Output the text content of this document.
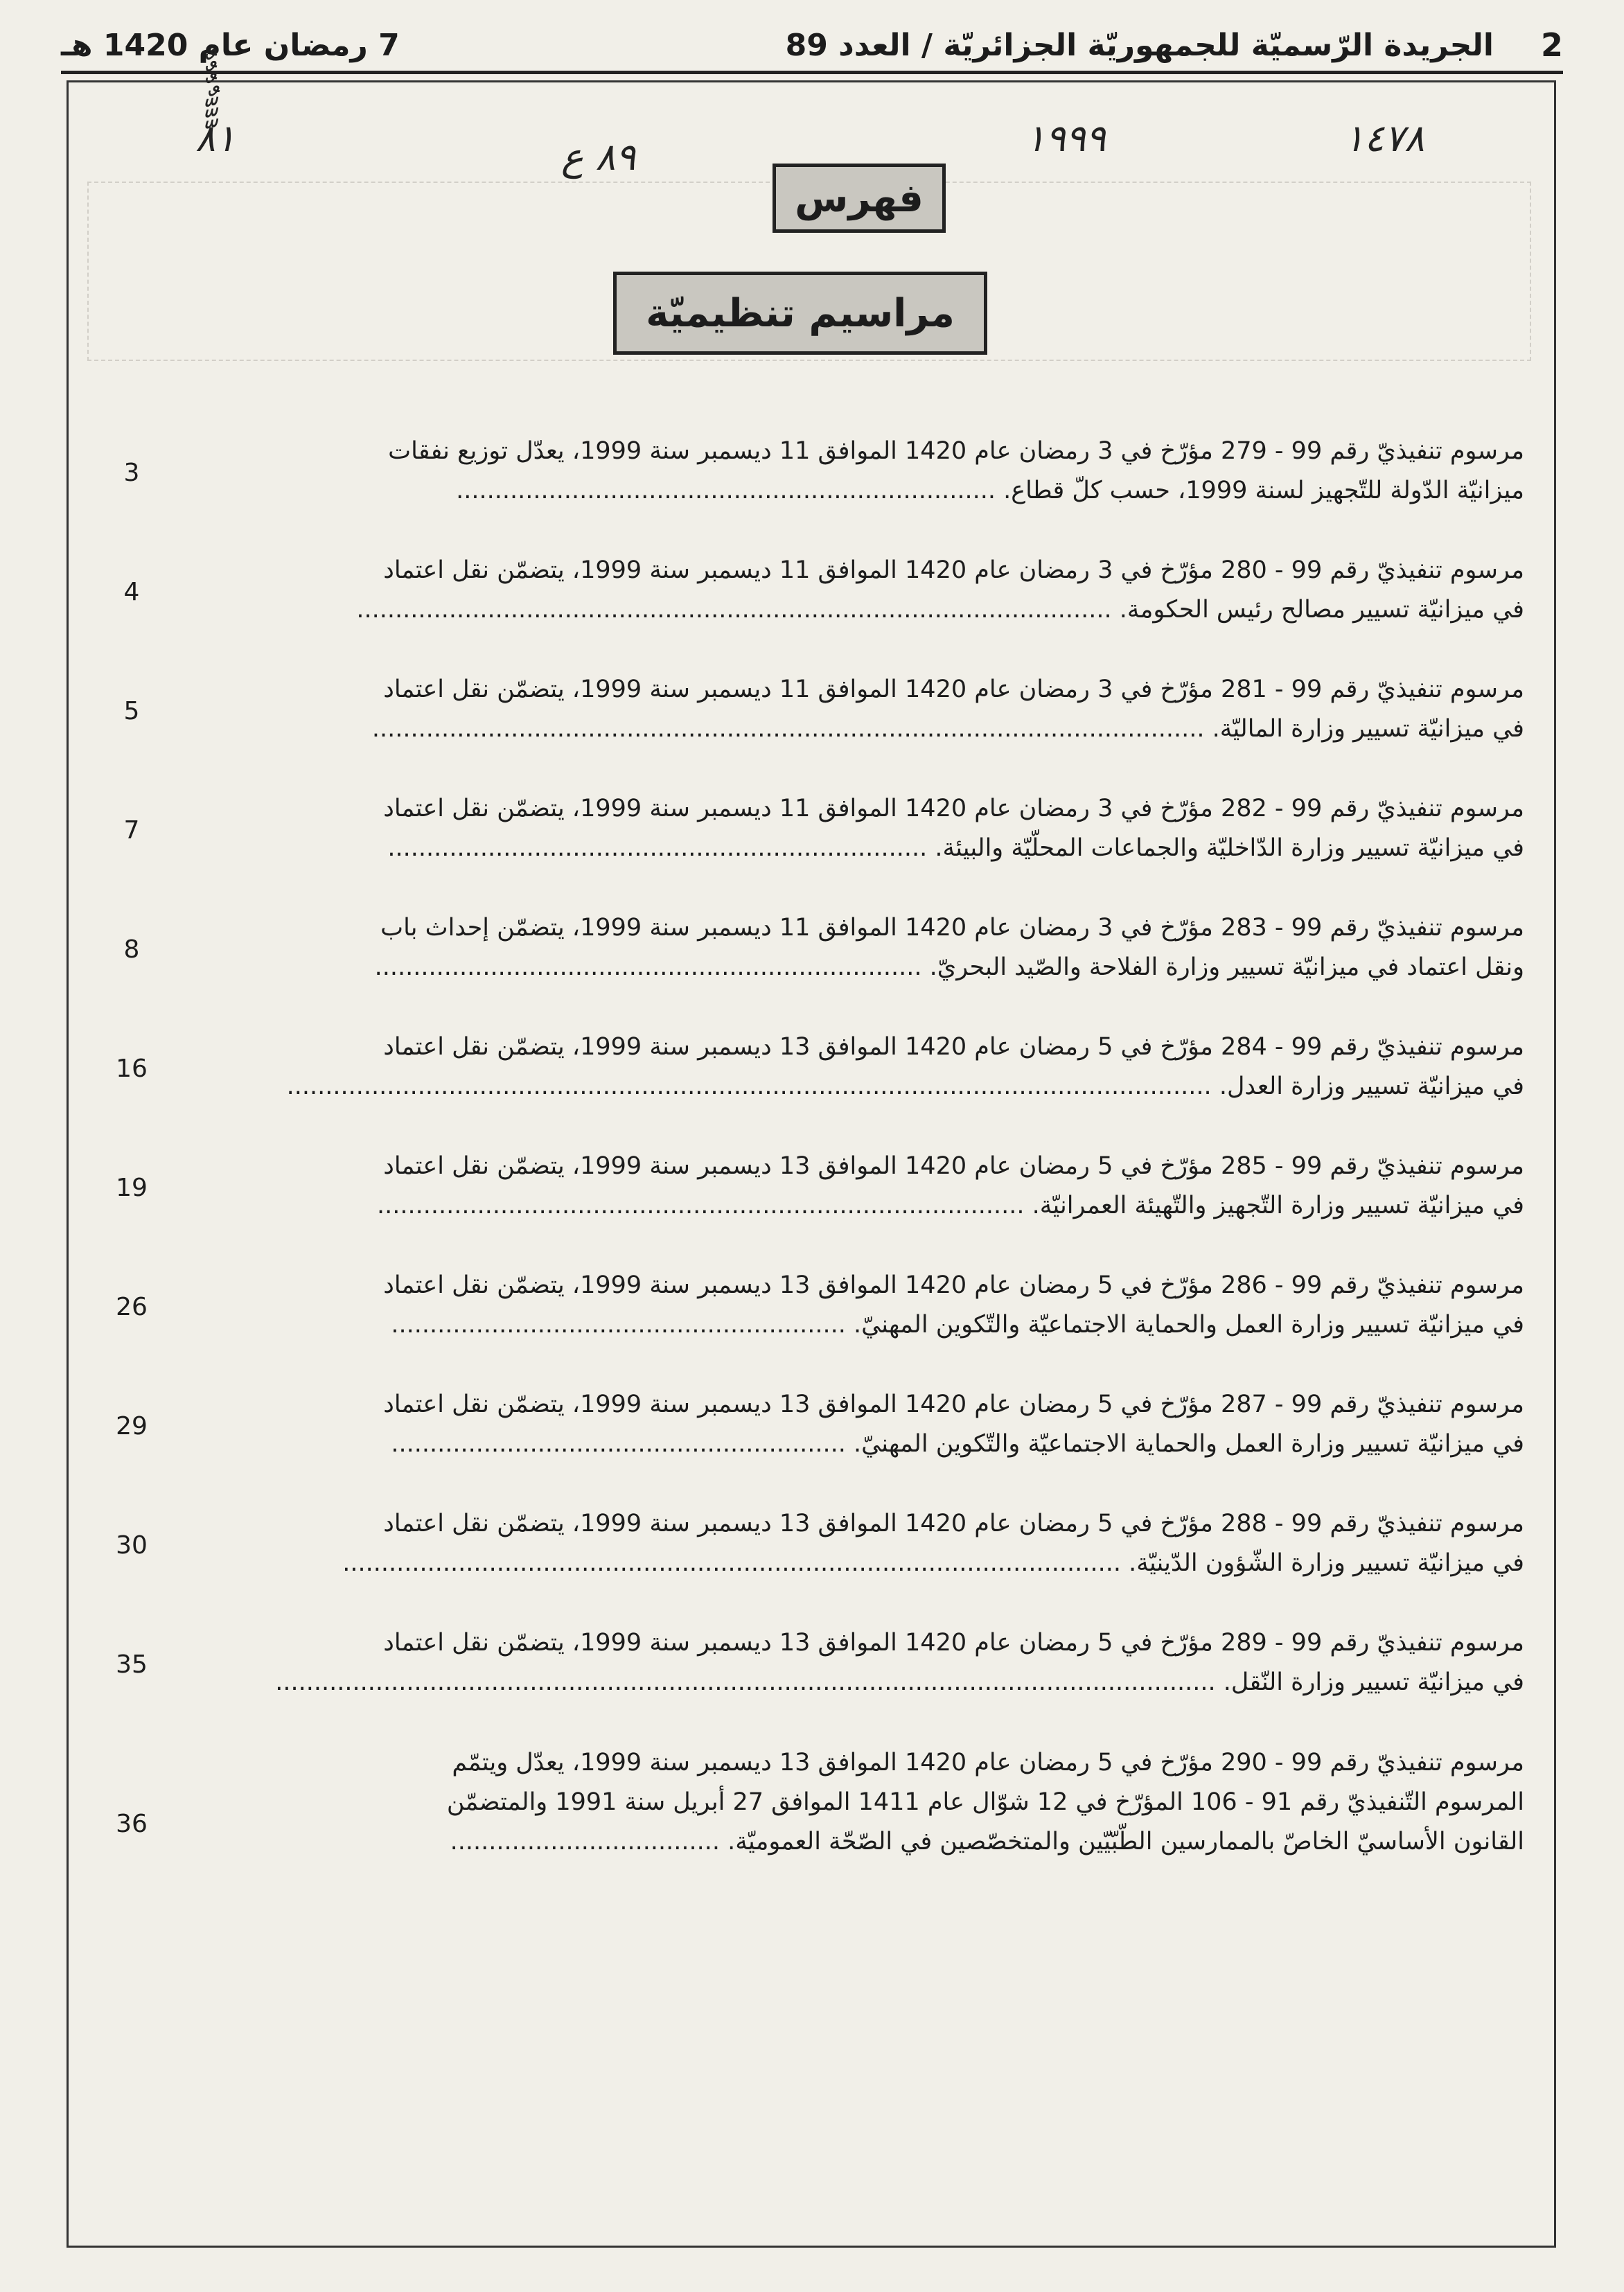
2
الجريدة الرّسميّة للجمهوريّة الجزائريّة / العدد 89
7 رمضان عام 1420 هـ
ٌٌٌٌّّّ٨١	٨٩ ع	١٩٩٩	١٤٧٨
فهرس
مراسيم تنظيميّة
مرسوم تنفيذيّ رقم 99 - 279 مؤرّخ في 3 رمضان عام 1420 الموافق 11 ديسمبر سنة 1999، يعدّل توزيع نفقات
ميزانيّة الدّولة للتّجهيز لسنة 1999، حسب كلّ قطاع. ......................................................................
3
مرسوم تنفيذيّ رقم 99 - 280 مؤرّخ في 3 رمضان عام 1420 الموافق 11 ديسمبر سنة 1999، يتضمّن نقل اعتماد
في ميزانيّة تسيير مصالح رئيس الحكومة. ..................................................................................................
4
مرسوم تنفيذيّ رقم 99 - 281 مؤرّخ في 3 رمضان عام 1420 الموافق 11 ديسمبر سنة 1999، يتضمّن نقل اعتماد
في ميزانيّة تسيير وزارة الماليّة. ............................................................................................................
5
مرسوم تنفيذيّ رقم 99 - 282 مؤرّخ في 3 رمضان عام 1420 الموافق 11 ديسمبر سنة 1999، يتضمّن نقل اعتماد
في ميزانيّة تسيير وزارة الدّاخليّة والجماعات المحلّيّة والبيئة. ......................................................................
7
مرسوم تنفيذيّ رقم 99 - 283 مؤرّخ في 3 رمضان عام 1420 الموافق 11 ديسمبر سنة 1999، يتضمّن إحداث باب
ونقل اعتماد في ميزانيّة تسيير وزارة الفلاحة والصّيد البحريّ. .......................................................................
8
مرسوم تنفيذيّ رقم 99 - 284 مؤرّخ في 5 رمضان عام 1420 الموافق 13 ديسمبر سنة 1999، يتضمّن نقل اعتماد
في ميزانيّة تسيير وزارة العدل. ........................................................................................................................
16
مرسوم تنفيذيّ رقم 99 - 285 مؤرّخ في 5 رمضان عام 1420 الموافق 13 ديسمبر سنة 1999، يتضمّن نقل اعتماد
في ميزانيّة تسيير وزارة التّجهيز والتّهيئة العمرانيّة. ....................................................................................
19
مرسوم تنفيذيّ رقم 99 - 286 مؤرّخ في 5 رمضان عام 1420 الموافق 13 ديسمبر سنة 1999، يتضمّن نقل اعتماد
في ميزانيّة تسيير وزارة العمل والحماية الاجتماعيّة والتّكوين المهنيّ. ...........................................................
26
مرسوم تنفيذيّ رقم 99 - 287 مؤرّخ في 5 رمضان عام 1420 الموافق 13 ديسمبر سنة 1999، يتضمّن نقل اعتماد
في ميزانيّة تسيير وزارة العمل والحماية الاجتماعيّة والتّكوين المهنيّ. ...........................................................
29
مرسوم تنفيذيّ رقم 99 - 288 مؤرّخ في 5 رمضان عام 1420 الموافق 13 ديسمبر سنة 1999، يتضمّن نقل اعتماد
في ميزانيّة تسيير وزارة الشّؤون الدّينيّة. .....................................................................................................
30
مرسوم تنفيذيّ رقم 99 - 289 مؤرّخ في 5 رمضان عام 1420 الموافق 13 ديسمبر سنة 1999، يتضمّن نقل اعتماد
في ميزانيّة تسيير وزارة النّقل. ..........................................................................................................................
35
مرسوم تنفيذيّ رقم 99 - 290 مؤرّخ في 5 رمضان عام 1420 الموافق 13 ديسمبر سنة 1999، يعدّل ويتمّم
المرسوم التّنفيذيّ رقم 91 - 106 المؤرّخ في 12 شوّال عام 1411 الموافق 27 أبريل سنة 1991 والمتضمّن
القانون الأساسيّ الخاصّ بالممارسين الطّبّيّين والمتخصّصين في الصّحّة العموميّة. ...................................
36
